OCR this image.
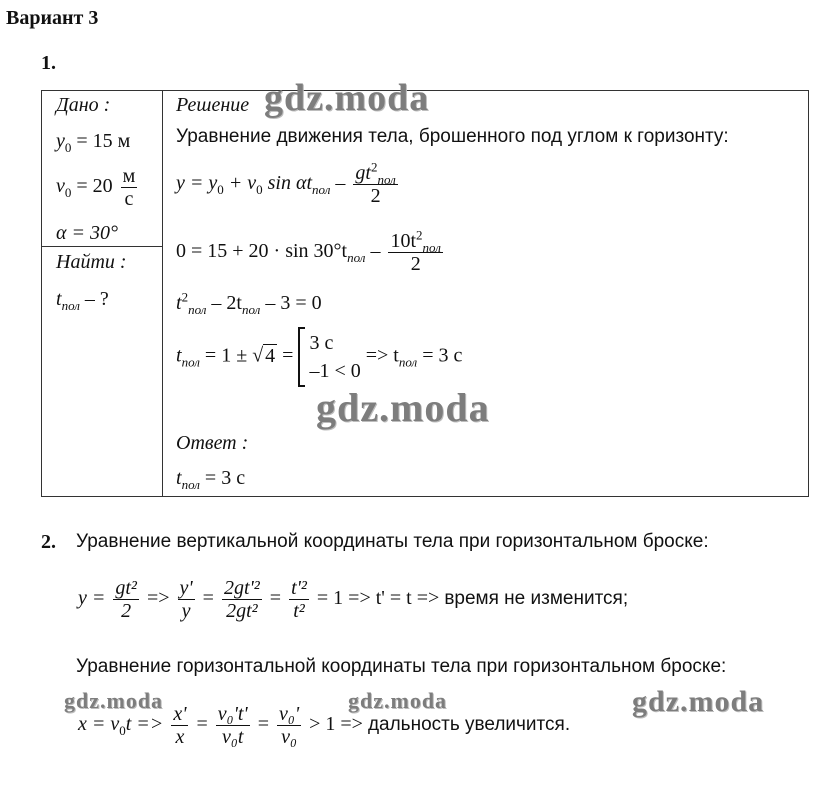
Вариант 3
1.
Дано :
$y_0 = 15$ м
$v_0 = 20 \frac{м}{с}$
α = 30°
Найти :
$t_{пол}$ – ?
Решение
Уравнение движения тела, брошенного под углом к горизонту:
$y = y_0 + v_0$ $\sin \alpha t_{пол} - \frac{gt^2_{пол}}{2}$
$0 = 15 + 20 \cdot \sin 30^\circ t_{пол} - \frac{10t^2_{пол}}{2}$
$t^2_{пол} - 2t_{пол} - 3 = 0$
$t_{пол} = 1$ ± √ 4 =
3 с
–1 < 0
=> $t_{пол} = 3$ с
Ответ :
$t_{пол} = 3$ с
2. Уравнение вертикальной координаты тела при горизонтальном броске:
$y = \frac{\text{gt²}}{2} => \frac{y'}{y} = \frac{\text{2gt'²}}{\text{2gt²}} = \frac{\text{t'²}}{\text{t²}} = 1 => t' = t$ => время не изменится;
Уравнение горизонтальной координаты тела при горизонтальном броске:
$x = v_0t => \frac{x'}{x} = \frac{\text{v₀'t'}}{\text{v₀t}} = \frac{\text{v₀'}}{\text{v₀}} > 1$ => дальность увеличится.
gdz.moda
gdz.moda
gdz.moda	gdz.moda	gdz.moda
